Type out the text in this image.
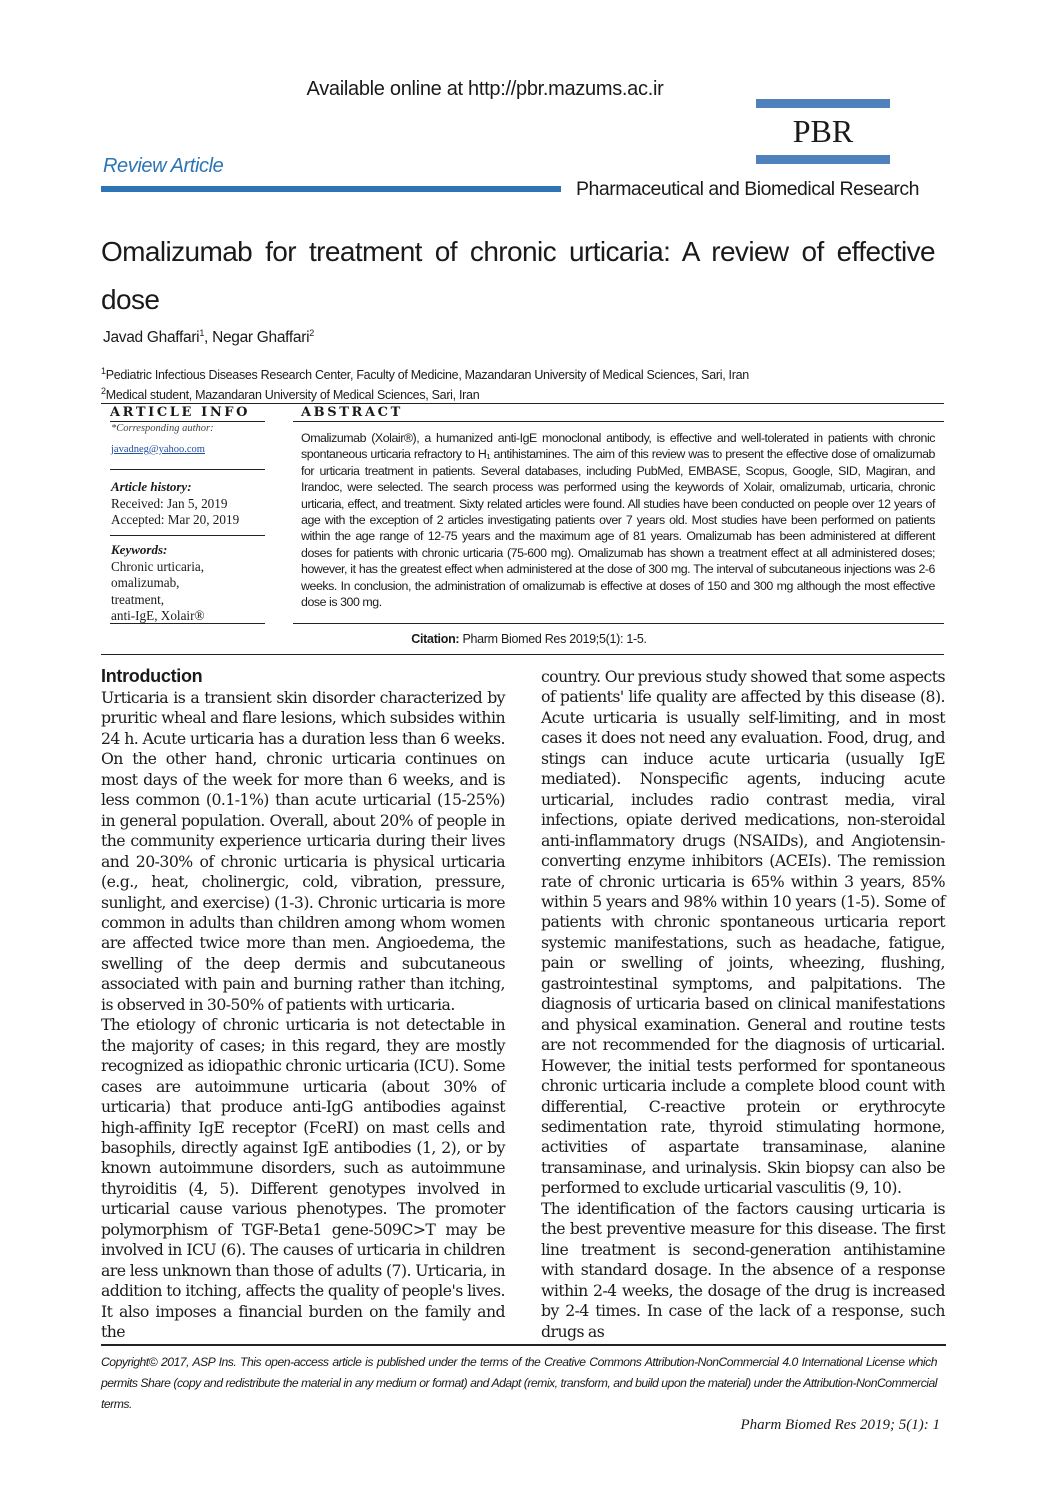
Available online at http://pbr.mazums.ac.ir
PBR
Review Article
Pharmaceutical and Biomedical Research
Omalizumab for treatment of chronic urticaria: A review of effective dose
Javad Ghaffari$^1$, Negar Ghaffari$^2$
$^1$Pediatric Infectious Diseases Research Center, Faculty of Medicine, Mazandaran University of Medical Sciences, Sari, Iran
$^2$Medical student, Mazandaran University of Medical Sciences, Sari, Iran
ARTICLE INFO
*Corresponding author:
javadneg@yahoo.com
Article history:
Received: Jan 5, 2019
Accepted: Mar 20, 2019
Keywords:
Chronic urticaria,
omalizumab,
treatment,
anti-IgE, Xolair®
ABSTRACT
Omalizumab (Xolair®), a humanized anti-IgE monoclonal antibody, is effective and well-tolerated in patients with chronic spontaneous urticaria refractory to H₁ antihistamines. The aim of this review was to present the effective dose of omalizumab for urticaria treatment in patients. Several databases, including PubMed, EMBASE, Scopus, Google, SID, Magiran, and Irandoc, were selected. The search process was performed using the keywords of Xolair, omalizumab, urticaria, chronic urticaria, effect, and treatment. Sixty related articles were found. All studies have been conducted on people over 12 years of age with the exception of 2 articles investigating patients over 7 years old. Most studies have been performed on patients within the age range of 12-75 years and the maximum age of 81 years. Omalizumab has been administered at different doses for patients with chronic urticaria (75-600 mg). Omalizumab has shown a treatment effect at all administered doses; however, it has the greatest effect when administered at the dose of 300 mg. The interval of subcutaneous injections was 2-6 weeks. In conclusion, the administration of omalizumab is effective at doses of 150 and 300 mg although the most effective dose is 300 mg.
Citation: Pharm Biomed Res 2019;5(1): 1-5.
Introduction

Urticaria is a transient skin disorder characterized by pruritic wheal and flare lesions, which subsides within 24 h. Acute urticaria has a duration less than 6 weeks. On the other hand, chronic urticaria continues on most days of the week for more than 6 weeks, and is less common (0.1-1%) than acute urticarial (15-25%) in general population. Overall, about 20% of people in the community experience urticaria during their lives and 20-30% of chronic urticaria is physical urticaria (e.g., heat, cholinergic, cold, vibration, pressure, sunlight, and exercise) (1-3). Chronic urticaria is more common in adults than children among whom women are affected twice more than men. Angioedema, the swelling of the deep dermis and subcutaneous associated with pain and burning rather than itching, is observed in 30-50% of patients with urticaria.

The etiology of chronic urticaria is not detectable in the majority of cases; in this regard, they are mostly recognized as idiopathic chronic urticaria (ICU). Some cases are autoimmune urticaria (about 30% of urticaria) that produce anti-IgG antibodies against high-affinity IgE receptor (FceRI) on mast cells and basophils, directly against IgE antibodies (1, 2), or by known autoimmune disorders, such as autoimmune thyroiditis (4, 5). Different genotypes involved in urticarial cause various phenotypes. The promoter polymorphism of TGF-Beta1 gene-509C>T may be involved in ICU (6). The causes of urticaria in children are less unknown than those of adults (7). Urticaria, in addition to itching, affects the quality of people's lives. It also imposes a financial burden on the family and the

country. Our previous study showed that some aspects of patients' life quality are affected by this disease (8). Acute urticaria is usually self-limiting, and in most cases it does not need any evaluation. Food, drug, and stings can induce acute urticaria (usually IgE mediated). Nonspecific agents, inducing acute urticarial, includes radio contrast media, viral infections, opiate derived medications, non-steroidal anti-inflammatory drugs (NSAIDs), and Angiotensin-converting enzyme inhibitors (ACEIs). The remission rate of chronic urticaria is 65% within 3 years, 85% within 5 years and 98% within 10 years (1-5). Some of patients with chronic spontaneous urticaria report systemic manifestations, such as headache, fatigue, pain or swelling of joints, wheezing, flushing, gastrointestinal symptoms, and palpitations. The diagnosis of urticaria based on clinical manifestations and physical examination. General and routine tests are not recommended for the diagnosis of urticarial. However, the initial tests performed for spontaneous chronic urticaria include a complete blood count with differential, C-reactive protein or erythrocyte sedimentation rate, thyroid stimulating hormone, activities of aspartate transaminase, alanine transaminase, and urinalysis. Skin biopsy can also be performed to exclude urticarial vasculitis (9, 10).

The identification of the factors causing urticaria is the best preventive measure for this disease. The first line treatment is second-generation antihistamine with standard dosage. In the absence of a response within 2-4 weeks, the dosage of the drug is increased by 2-4 times. In case of the lack of a response, such drugs as

Copyright© 2017, ASP Ins. This open-access article is published under the terms of the Creative Commons Attribution-NonCommercial 4.0 International License which permits Share (copy and redistribute the material in any medium or format) and Adapt (remix, transform, and build upon the material) under the Attribution-NonCommercial terms.
Pharm Biomed Res 2019; 5(1): 1
